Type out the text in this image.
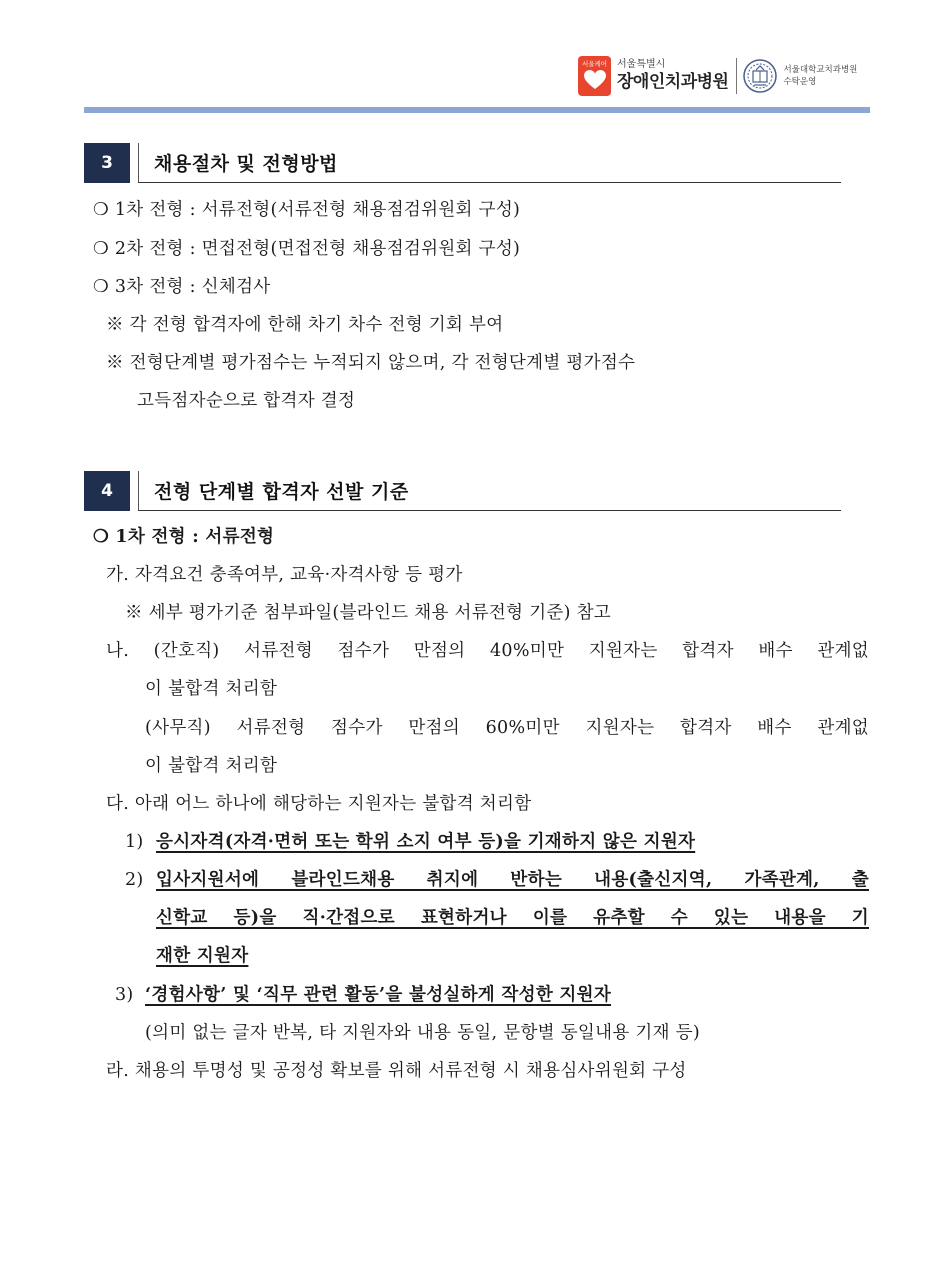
서울케어 서울특별시
장애인치과병원
서울대학교치과병원
수탁운영
3	채용절차 및 전형방법
❍ 1차 전형 : 서류전형(서류전형 채용점검위원회 구성)
❍ 2차 전형 : 면접전형(면접전형 채용점검위원회 구성)
❍ 3차 전형 : 신체검사
※ 각 전형 합격자에 한해 차기 차수 전형 기회 부여
※ 전형단계별 평가점수는 누적되지 않으며, 각 전형단계별 평가점수
고득점자순으로 합격자 결정
4	전형 단계별 합격자 선발 기준
❍ 1차 전형 : 서류전형
가. 자격요건 충족여부, 교육·자격사항 등 평가
※ 세부 평가기준 첨부파일(블라인드 채용 서류전형 기준) 참고
나. (간호직) 서류전형 점수가 만점의 40%미만 지원자는 합격자 배수 관계없
이 불합격 처리함
(사무직) 서류전형 점수가 만점의 60%미만 지원자는 합격자 배수 관계없
이 불합격 처리함
다. 아래 어느 하나에 해당하는 지원자는 불합격 처리함
1) 응시자격(자격·면허 또는 학위 소지 여부 등)을 기재하지 않은 지원자
2) 입사지원서에 블라인드채용 취지에 반하는 내용(출신지역, 가족관계, 출
신학교 등)을 직·간접으로 표현하거나 이를 유추할 수 있는 내용을 기
재한 지원자
3) ‘경험사항’ 및 ‘직무 관련 활동’을 불성실하게 작성한 지원자
(의미 없는 글자 반복, 타 지원자와 내용 동일, 문항별 동일내용 기재 등)
라. 채용의 투명성 및 공정성 확보를 위해 서류전형 시 채용심사위원회 구성
